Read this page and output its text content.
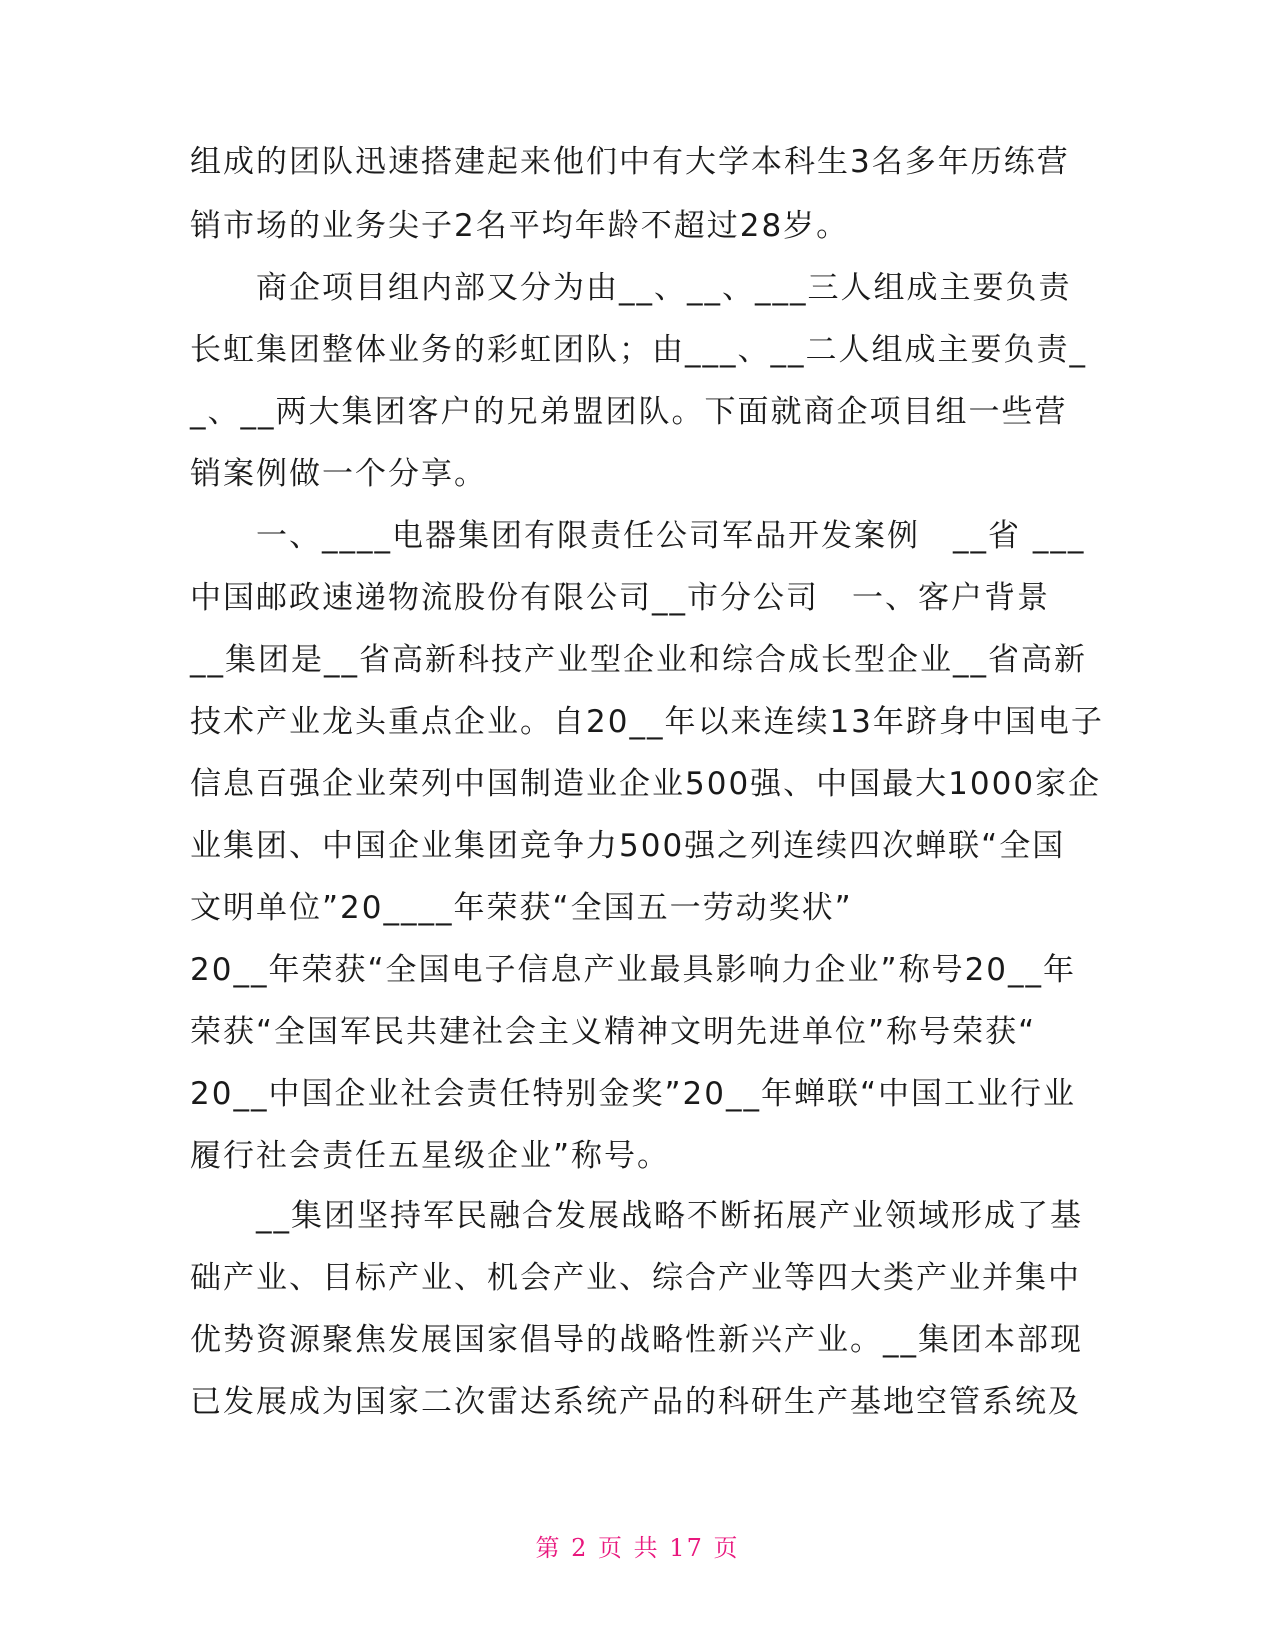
组成的团队迅速搭建起来他们中有大学本科生3名多年历练营
销市场的业务尖子2名平均年龄不超过28岁。
　　商企项目组内部又分为由__、__、___三人组成主要负责
长虹集团整体业务的彩虹团队；由___、__二人组成主要负责_
_、__两大集团客户的兄弟盟团队。下面就商企项目组一些营
销案例做一个分享。
　　一、____电器集团有限责任公司军品开发案例　__省 ___
中国邮政速递物流股份有限公司__市分公司　一、客户背景
__集团是__省高新科技产业型企业和综合成长型企业__省高新
技术产业龙头重点企业。自20__年以来连续13年跻身中国电子
信息百强企业荣列中国制造业企业500强、中国最大1000家企
业集团、中国企业集团竞争力500强之列连续四次蝉联“全国
文明单位”20____年荣获“全国五一劳动奖状”
20__年荣获“全国电子信息产业最具影响力企业”称号20__年
荣获“全国军民共建社会主义精神文明先进单位”称号荣获“
20__中国企业社会责任特别金奖”20__年蝉联“中国工业行业
履行社会责任五星级企业”称号。
　　__集团坚持军民融合发展战略不断拓展产业领域形成了基
础产业、目标产业、机会产业、综合产业等四大类产业并集中
优势资源聚焦发展国家倡导的战略性新兴产业。__集团本部现
已发展成为国家二次雷达系统产品的科研生产基地空管系统及
第 2 页 共 17 页
